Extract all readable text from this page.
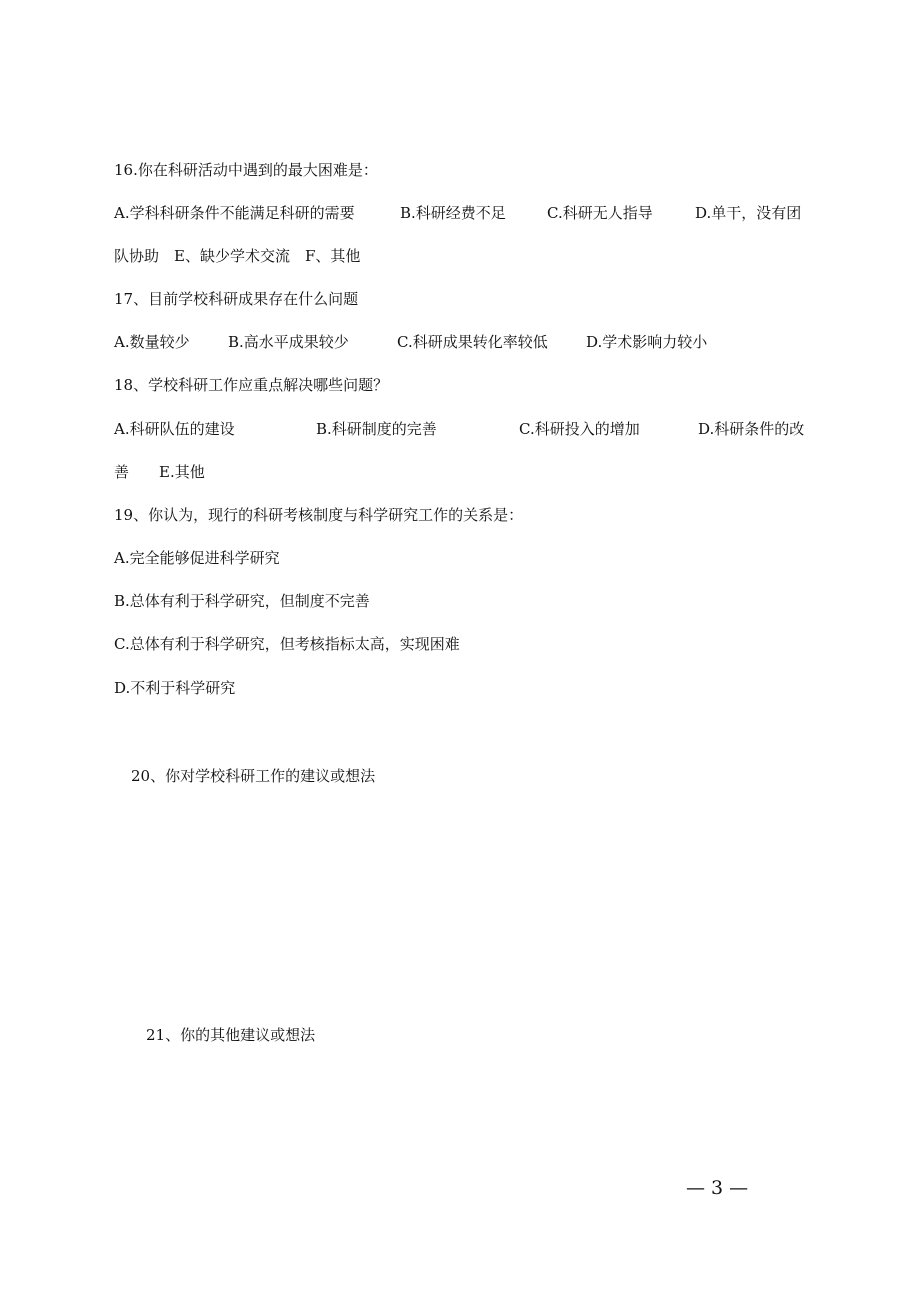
16.你在科研活动中遇到的最大困难是：

A.学科科研条件不能满足科研的需要	B.科研经费不足	C.科研无人指导	D.单干，没有团

队协助　E、缺少学术交流　F、其他

17、目前学校科研成果存在什么问题

A.数量较少	B.高水平成果较少	C.科研成果转化率较低	D.学术影响力较小

18、学校科研工作应重点解决哪些问题？

A.科研队伍的建设	B.科研制度的完善	C.科研投入的增加	D.科研条件的改

善　　E.其他

19、你认为，现行的科研考核制度与科学研究工作的关系是：

A.完全能够促进科学研究

B.总体有利于科学研究，但制度不完善

C.总体有利于科学研究，但考核指标太高，实现困难

D.不利于科学研究

20、你对学校科研工作的建议或想法

21、你的其他建议或想法

— 3 —
